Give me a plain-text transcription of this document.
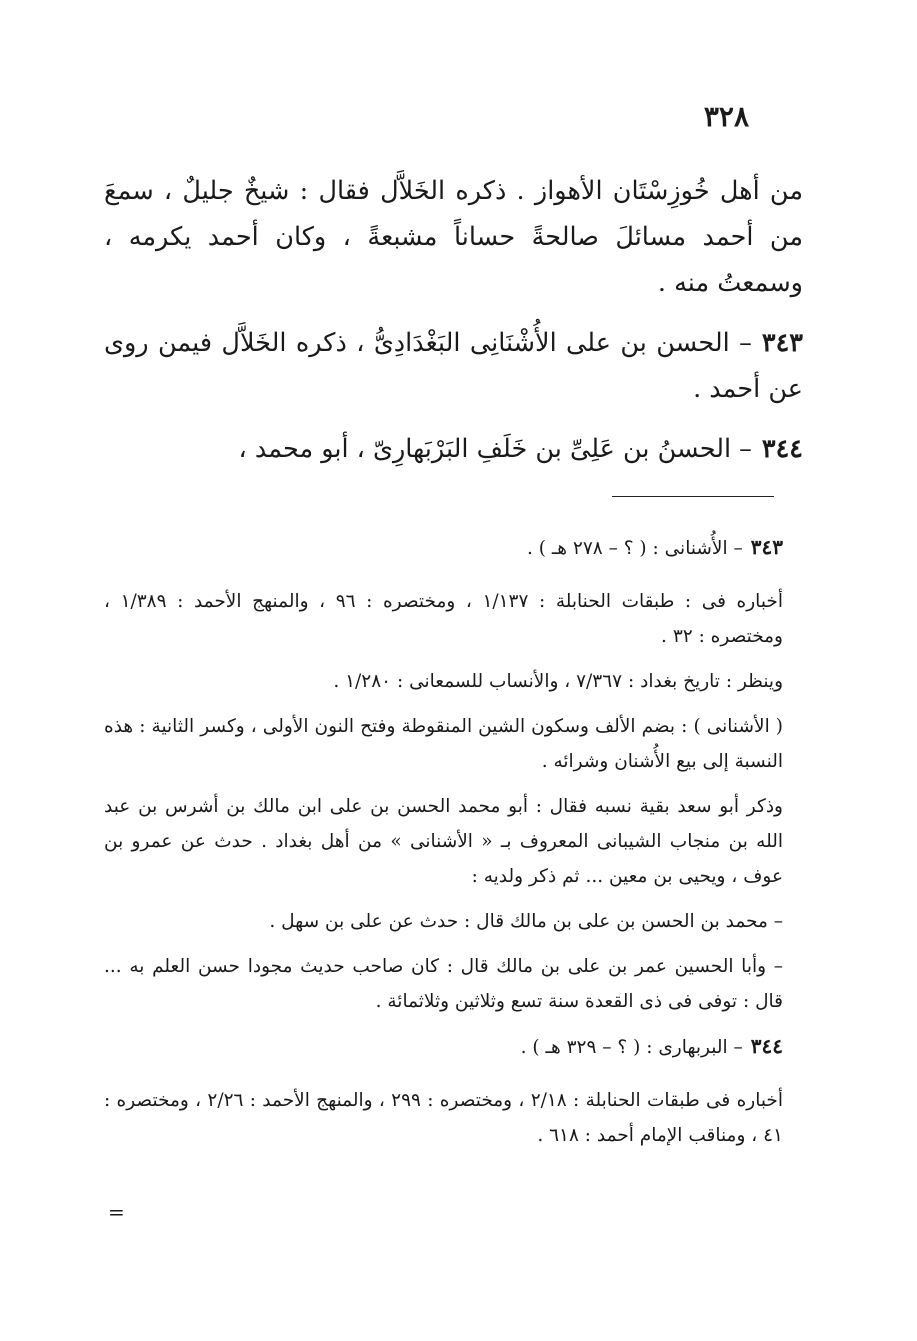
٣٢٨

من أهل خُوزِسْتَان الأهواز . ذكره الخَلاَّل فقال : شيخٌ جليلٌ ، سمعَ من أحمد مسائلَ صالحةً حساناً مشبعةً ، وكان أحمد يكرمه ، وسمعتُ منه .

٣٤٣– الحسن بن على الأُشْنَانِى البَغْدَادِىُّ ، ذكره الخَلاَّل فيمن روى عن أحمد .

٣٤٤– الحسنُ بن عَلِىِّ بن خَلَفِ البَرْبَهارِىّ ، أبو محمد ،

٣٤٣– الأُشنانى : ( ؟ – ٢٧٨ هـ ) .

أخباره فى : طبقات الحنابلة : ١/١٣٧ ، ومختصره : ٩٦ ، والمنهج الأحمد : ١/٣٨٩ ، ومختصره : ٣٢ .

وينظر : تاريخ بغداد : ٧/٣٦٧ ، والأنساب للسمعانى : ١/٢٨٠ .

( الأشنانى ) : بضم الألف وسكون الشين المنقوطة وفتح النون الأولى ، وكسر الثانية : هذه النسبة إلى بيع الأُشنان وشرائه .

وذكر أبو سعد بقية نسبه فقال : أبو محمد الحسن بن على ابن مالك بن أشرس بن عبد الله بن منجاب الشيبانى المعروف بـ « الأشنانى » من أهل بغداد . حدث عن عمرو بن عوف ، ويحيى بن معين ... ثم ذكر ولديه :

– محمد بن الحسن بن على بن مالك قال : حدث عن على بن سهل .

– وأبا الحسين عمر بن على بن مالك قال : كان صاحب حديث مجودا حسن العلم به ... قال : توفى فى ذى القعدة سنة تسع وثلاثين وثلاثمائة .

٣٤٤– البربهارى : ( ؟ – ٣٢٩ هـ ) .

أخباره فى طبقات الحنابلة : ٢/١٨ ، ومختصره : ٢٩٩ ، والمنهج الأحمد : ٢/٢٦ ، ومختصره : ٤١ ، ومناقب الإمام أحمد : ٦١٨ .

=
